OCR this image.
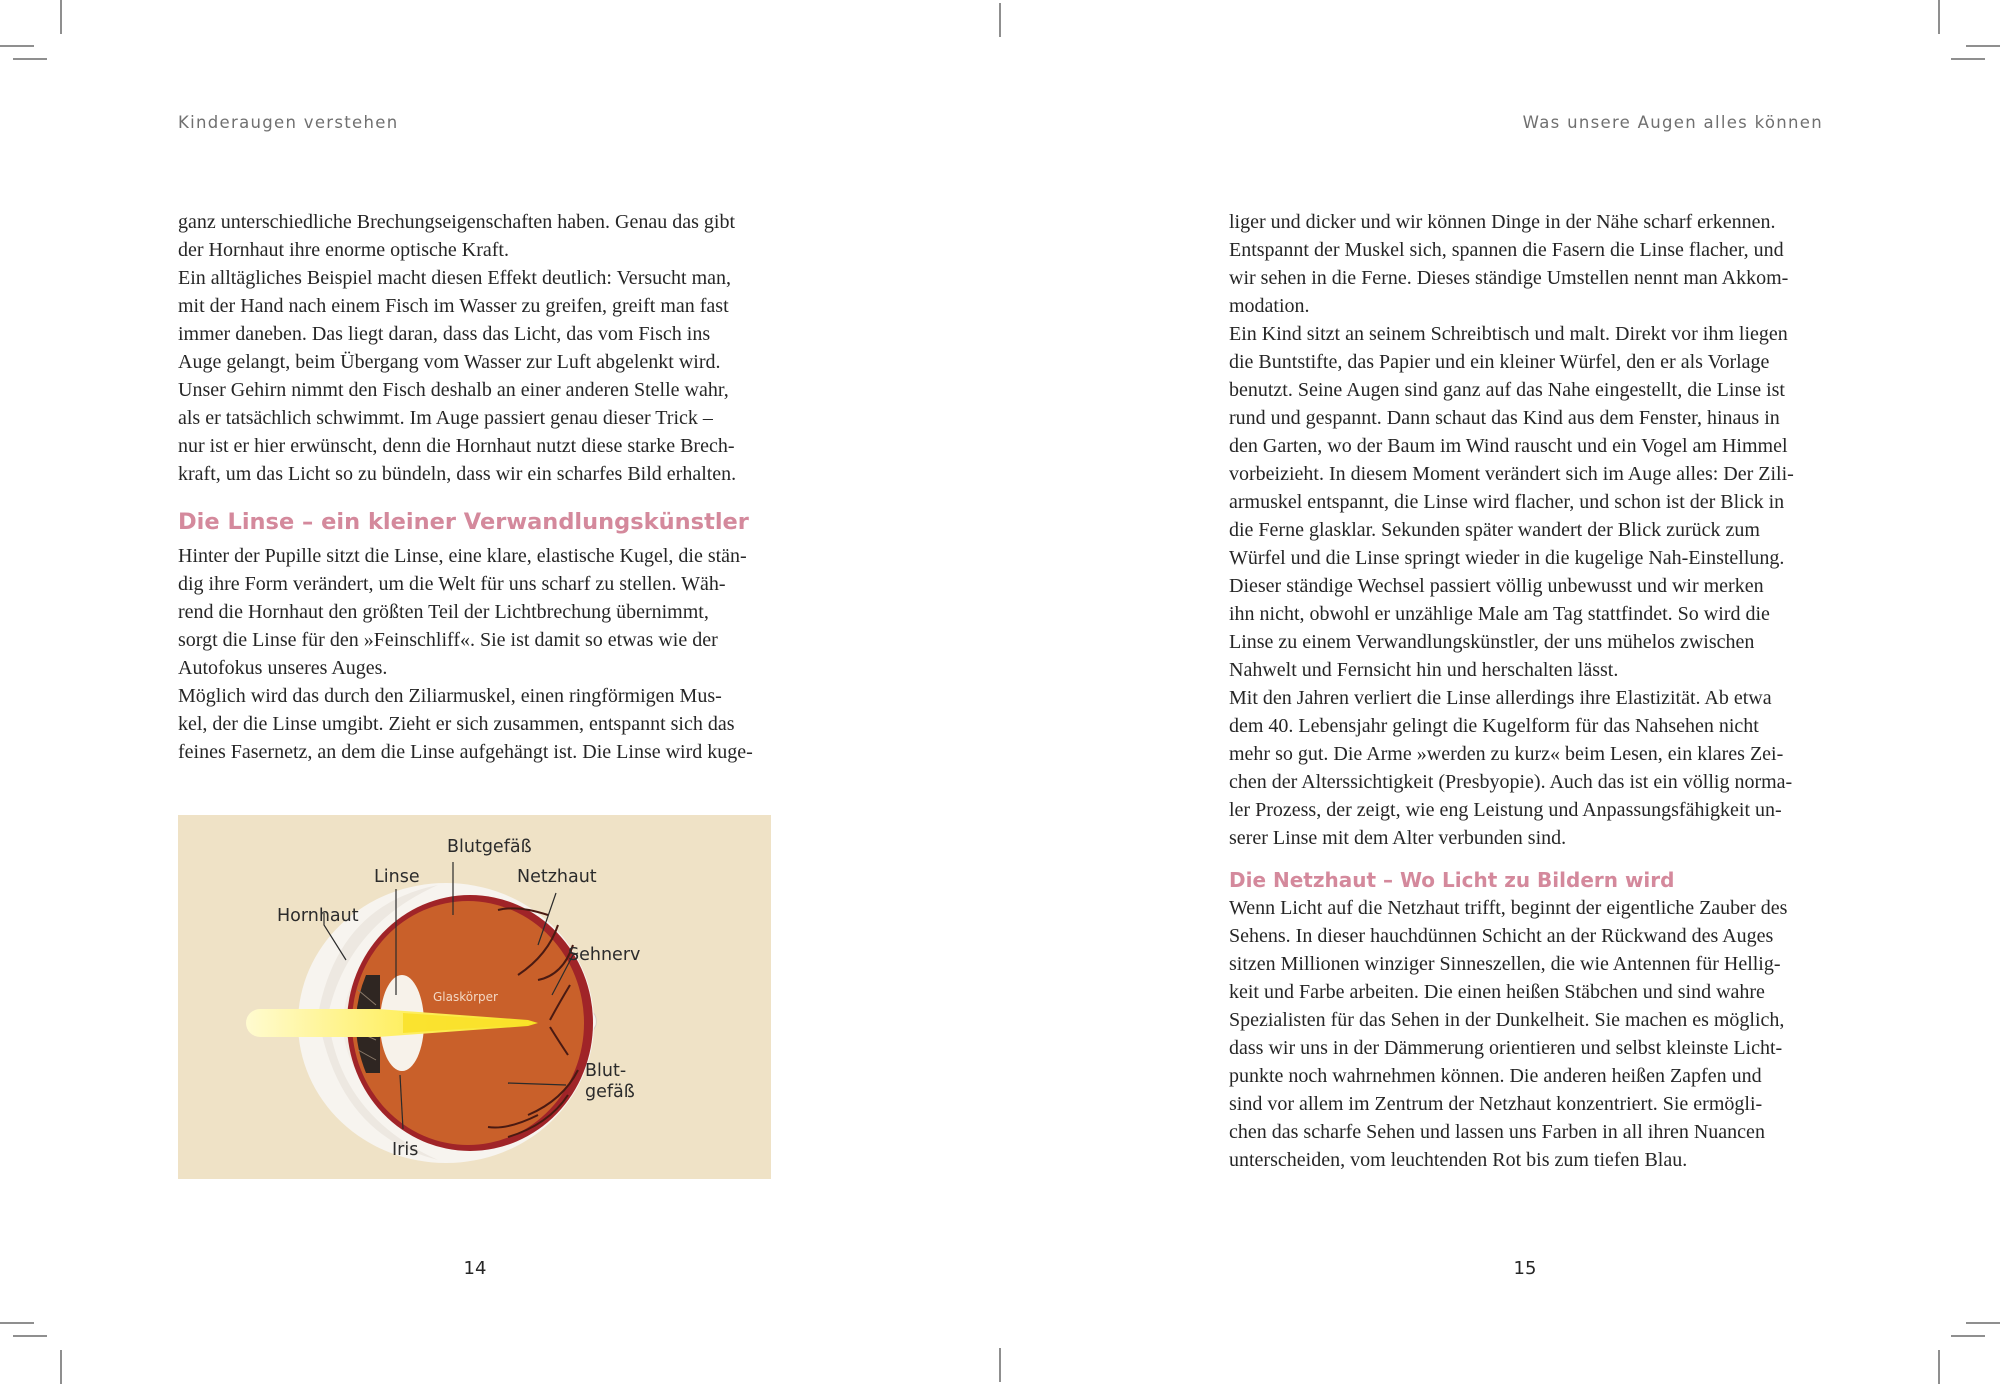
Kinderaugen verstehen	Was unsere Augen alles können

ganz unterschiedliche Brechungseigenschaften haben. Genau das gibt
der Hornhaut ihre enorme optische Kraft.

Ein alltägliches Beispiel macht diesen Effekt deutlich: Versucht man,
mit der Hand nach einem Fisch im Wasser zu greifen, greift man fast
immer daneben. Das liegt daran, dass das Licht, das vom Fisch ins
Auge gelangt, beim Übergang vom Wasser zur Luft abgelenkt wird.
Unser Gehirn nimmt den Fisch deshalb an einer anderen Stelle wahr,
als er tatsächlich schwimmt. Im Auge passiert genau dieser Trick –
nur ist er hier erwünscht, denn die Hornhaut nutzt diese starke Brech-
kraft, um das Licht so zu bündeln, dass wir ein scharfes Bild erhalten.

Die Linse – ein kleiner Verwandlungskünstler

Hinter der Pupille sitzt die Linse, eine klare, elastische Kugel, die stän-
dig ihre Form verändert, um die Welt für uns scharf zu stellen. Wäh-
rend die Hornhaut den größten Teil der Lichtbrechung übernimmt,
sorgt die Linse für den »Feinschliff«. Sie ist damit so etwas wie der
Autofokus unseres Auges.

Möglich wird das durch den Ziliarmuskel, einen ringförmigen Mus-
kel, der die Linse umgibt. Zieht er sich zusammen, entspannt sich das
feines Fasernetz, an dem die Linse aufgehängt ist. Die Linse wird kuge-

Blutgefäß
Linse	Netzhaut
Hornhaut
Sehnerv
Glaskörper
Blut-
gefäß
Iris
14

liger und dicker und wir können Dinge in der Nähe scharf erkennen.
Entspannt der Muskel sich, spannen die Fasern die Linse flacher, und
wir sehen in die Ferne. Dieses ständige Umstellen nennt man Akkom-
modation.

Ein Kind sitzt an seinem Schreibtisch und malt. Direkt vor ihm liegen
die Buntstifte, das Papier und ein kleiner Würfel, den er als Vorlage
benutzt. Seine Augen sind ganz auf das Nahe eingestellt, die Linse ist
rund und gespannt. Dann schaut das Kind aus dem Fenster, hinaus in
den Garten, wo der Baum im Wind rauscht und ein Vogel am Himmel
vorbeizieht. In diesem Moment verändert sich im Auge alles: Der Zili-
armuskel entspannt, die Linse wird flacher, und schon ist der Blick in
die Ferne glasklar. Sekunden später wandert der Blick zurück zum
Würfel und die Linse springt wieder in die kugelige Nah-Einstellung.
Dieser ständige Wechsel passiert völlig unbewusst und wir merken
ihn nicht, obwohl er unzählige Male am Tag stattfindet. So wird die
Linse zu einem Verwandlungskünstler, der uns mühelos zwischen
Nahwelt und Fernsicht hin und herschalten lässt.

Mit den Jahren verliert die Linse allerdings ihre Elastizität. Ab etwa
dem 40. Lebensjahr gelingt die Kugelform für das Nahsehen nicht
mehr so gut. Die Arme »werden zu kurz« beim Lesen, ein klares Zei-
chen der Alterssichtigkeit (Presbyopie). Auch das ist ein völlig norma-
ler Prozess, der zeigt, wie eng Leistung und Anpassungsfähigkeit un-
serer Linse mit dem Alter verbunden sind.

Die Netzhaut – Wo Licht zu Bildern wird

Wenn Licht auf die Netzhaut trifft, beginnt der eigentliche Zauber des
Sehens. In dieser hauchdünnen Schicht an der Rückwand des Auges
sitzen Millionen winziger Sinneszellen, die wie Antennen für Hellig-
keit und Farbe arbeiten. Die einen heißen Stäbchen und sind wahre
Spezialisten für das Sehen in der Dunkelheit. Sie machen es möglich,
dass wir uns in der Dämmerung orientieren und selbst kleinste Licht-
punkte noch wahrnehmen können. Die anderen heißen Zapfen und
sind vor allem im Zentrum der Netzhaut konzentriert. Sie ermögli-
chen das scharfe Sehen und lassen uns Farben in all ihren Nuancen
unterscheiden, vom leuchtenden Rot bis zum tiefen Blau.

15
